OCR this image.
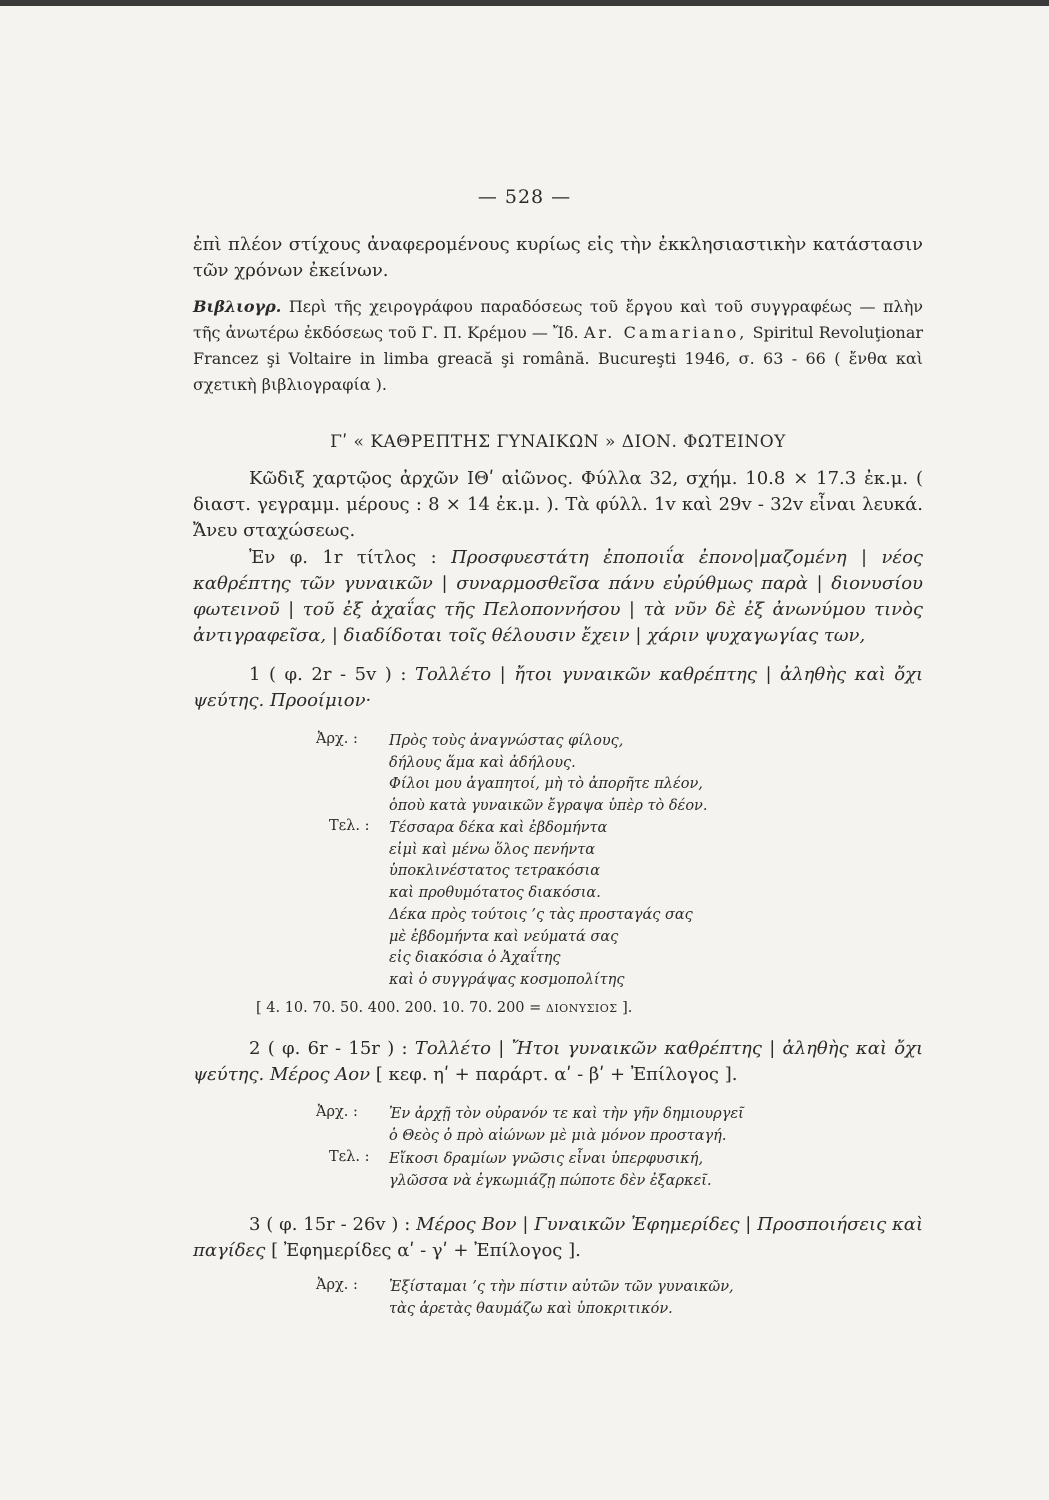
— 528 —

ἐπὶ πλέον στίχους ἀναφερομένους κυρίως εἰς τὴν ἐκκλησιαστικὴν κατάστασιν τῶν χρόνων ἐκείνων.

Βιβλιογρ. Περὶ τῆς χειρογράφου παραδόσεως τοῦ ἔργου καὶ τοῦ συγγραφέως — πλὴν τῆς ἀνωτέρω ἐκδόσεως τοῦ Γ. Π. Κρέμου — Ἴδ. Ar. Camariano, Spiritul Revoluţionar Francez şi Voltaire in limba greacă şi română. Bucureşti 1946, σ. 63 - 66 ( ἔνθα καὶ σχετικὴ βιβλιογραφία ).

Γʹ « ΚΑΘΡΕΠΤΗΣ ΓΥΝΑΙΚΩΝ » ΔΙΟΝ. ΦΩΤΕΙΝΟΥ

Κῶδιξ χαρτῷος ἀρχῶν ΙΘʹ αἰῶνος. Φύλλα 32, σχήμ. 10.8 × 17.3 ἐκ.μ. ( διαστ. γεγραμμ. μέρους : 8 × 14 ἐκ.μ. ). Τὰ φύλλ. 1v καὶ 29v - 32v εἶναι λευκά. Ἄνευ σταχώσεως.

Ἐν φ. 1r τίτλος : Προσφυεστάτη ἐποποιΐα ἐπονο|μαζομένη | νέος καθρέπτης τῶν γυναικῶν | συναρμοσθεῖσα πάνυ εὐρύθμως παρὰ | διονυσίου φωτεινοῦ | τοῦ ἐξ ἀχαΐας τῆς Πελοποννήσου | τὰ νῦν δὲ ἐξ ἀνωνύμου τινὸς ἀντιγραφεῖσα, | διαδίδοται τοῖς θέλουσιν ἔχειν | χάριν ψυχαγωγίας των,

1 ( φ. 2r - 5v ) : Τολλέτο | ἤτοι γυναικῶν καθρέπτης | ἀληθὴς καὶ ὄχι ψεύτης. Προοίμιον·

Ἀρχ. : Πρὸς τοὺς ἀναγνώστας φίλους,
δήλους ἅμα καὶ ἀδήλους.
Φίλοι μου ἀγαπητοί, μὴ τὸ ἀπορῆτε πλέον,
ὁποὺ κατὰ γυναικῶν ἔγραψα ὑπὲρ τὸ δέον.
Τελ. : Τέσσαρα δέκα καὶ ἑβδομήντα
εἰμὶ καὶ μένω ὅλος πενήντα
ὑποκλινέστατος τετρακόσια
καὶ προθυμότατος διακόσια.
Δέκα πρὸς τούτοις ’ς τὰς προσταγάς σας
μὲ ἑβδομήντα καὶ νεύματά σας
εἰς διακόσια ὁ Ἀχαΐτης
καὶ ὁ συγγράψας κοσμοπολίτης
[ 4. 10. 70. 50. 400. 200. 10. 70. 200 = ΔΙΟΝΥΣΙΟΣ ].

2 ( φ. 6r - 15r ) : Τολλέτο | Ἤτοι γυναικῶν καθρέπτης | ἀληθὴς καὶ ὄχι ψεύτης. Μέρος Αον [ κεφ. ηʹ + παράρτ. αʹ - βʹ + Ἐπίλογος ].

Ἀρχ. : Ἐν ἀρχῇ τὸν οὐρανόν τε καὶ τὴν γῆν δημιουργεῖ
ὁ Θεὸς ὁ πρὸ αἰώνων μὲ μιὰ μόνον προσταγή.
Τελ. : Εἴκοσι δραμίων γνῶσις εἶναι ὑπερφυσική,
γλῶσσα νὰ ἐγκωμιάζῃ πώποτε δὲν ἐξαρκεῖ.

3 ( φ. 15r - 26v ) : Μέρος Βον | Γυναικῶν Ἐφημερίδες | Προσποιήσεις καὶ παγίδες [ Ἐφημερίδες αʹ - γʹ + Ἐπίλογος ].

Ἀρχ. : Ἐξίσταμαι ’ς τὴν πίστιν αὐτῶν τῶν γυναικῶν,
τὰς ἀρετὰς θαυμάζω καὶ ὑποκριτικόν.
